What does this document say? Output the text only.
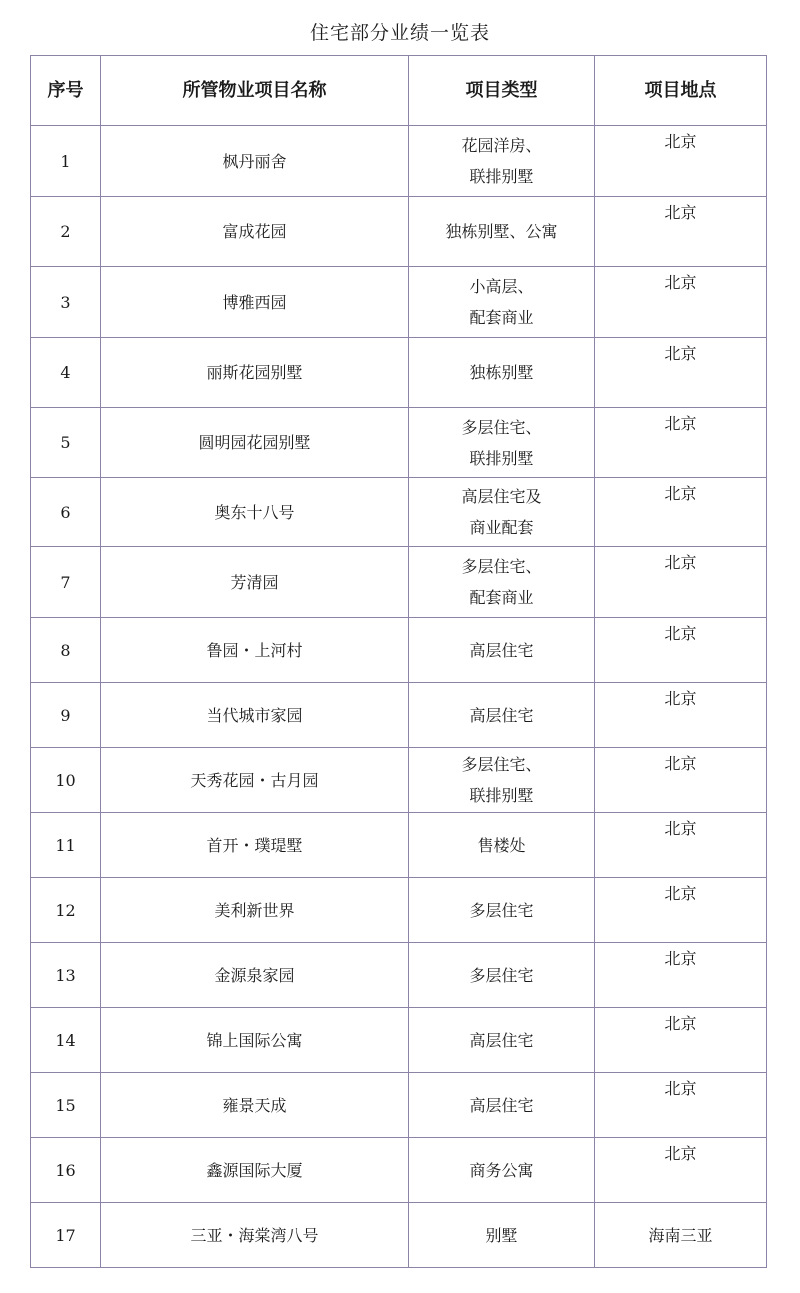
住宅部分业绩一览表
序号	所管物业项目名称	项目类型	项目地点
1	枫丹丽舍	花园洋房、
联排别墅	北京
2	富成花园	独栋别墅、公寓	北京
3	博雅西园	小高层、
配套商业	北京
4	丽斯花园别墅	独栋别墅	北京
5	圆明园花园别墅	多层住宅、
联排别墅	北京
6	奥东十八号	高层住宅及
商业配套	北京
7	芳清园	多层住宅、
配套商业	北京
8	鲁园・上河村	高层住宅	北京
9	当代城市家园	高层住宅	北京
10	天秀花园・古月园	多层住宅、
联排别墅	北京
11	首开・璞瑅墅	售楼处	北京
12	美利新世界	多层住宅	北京
13	金源泉家园	多层住宅	北京
14	锦上国际公寓	高层住宅	北京
15	雍景天成	高层住宅	北京
16	鑫源国际大厦	商务公寓	北京
17	三亚・海棠湾八号	别墅	海南三亚
